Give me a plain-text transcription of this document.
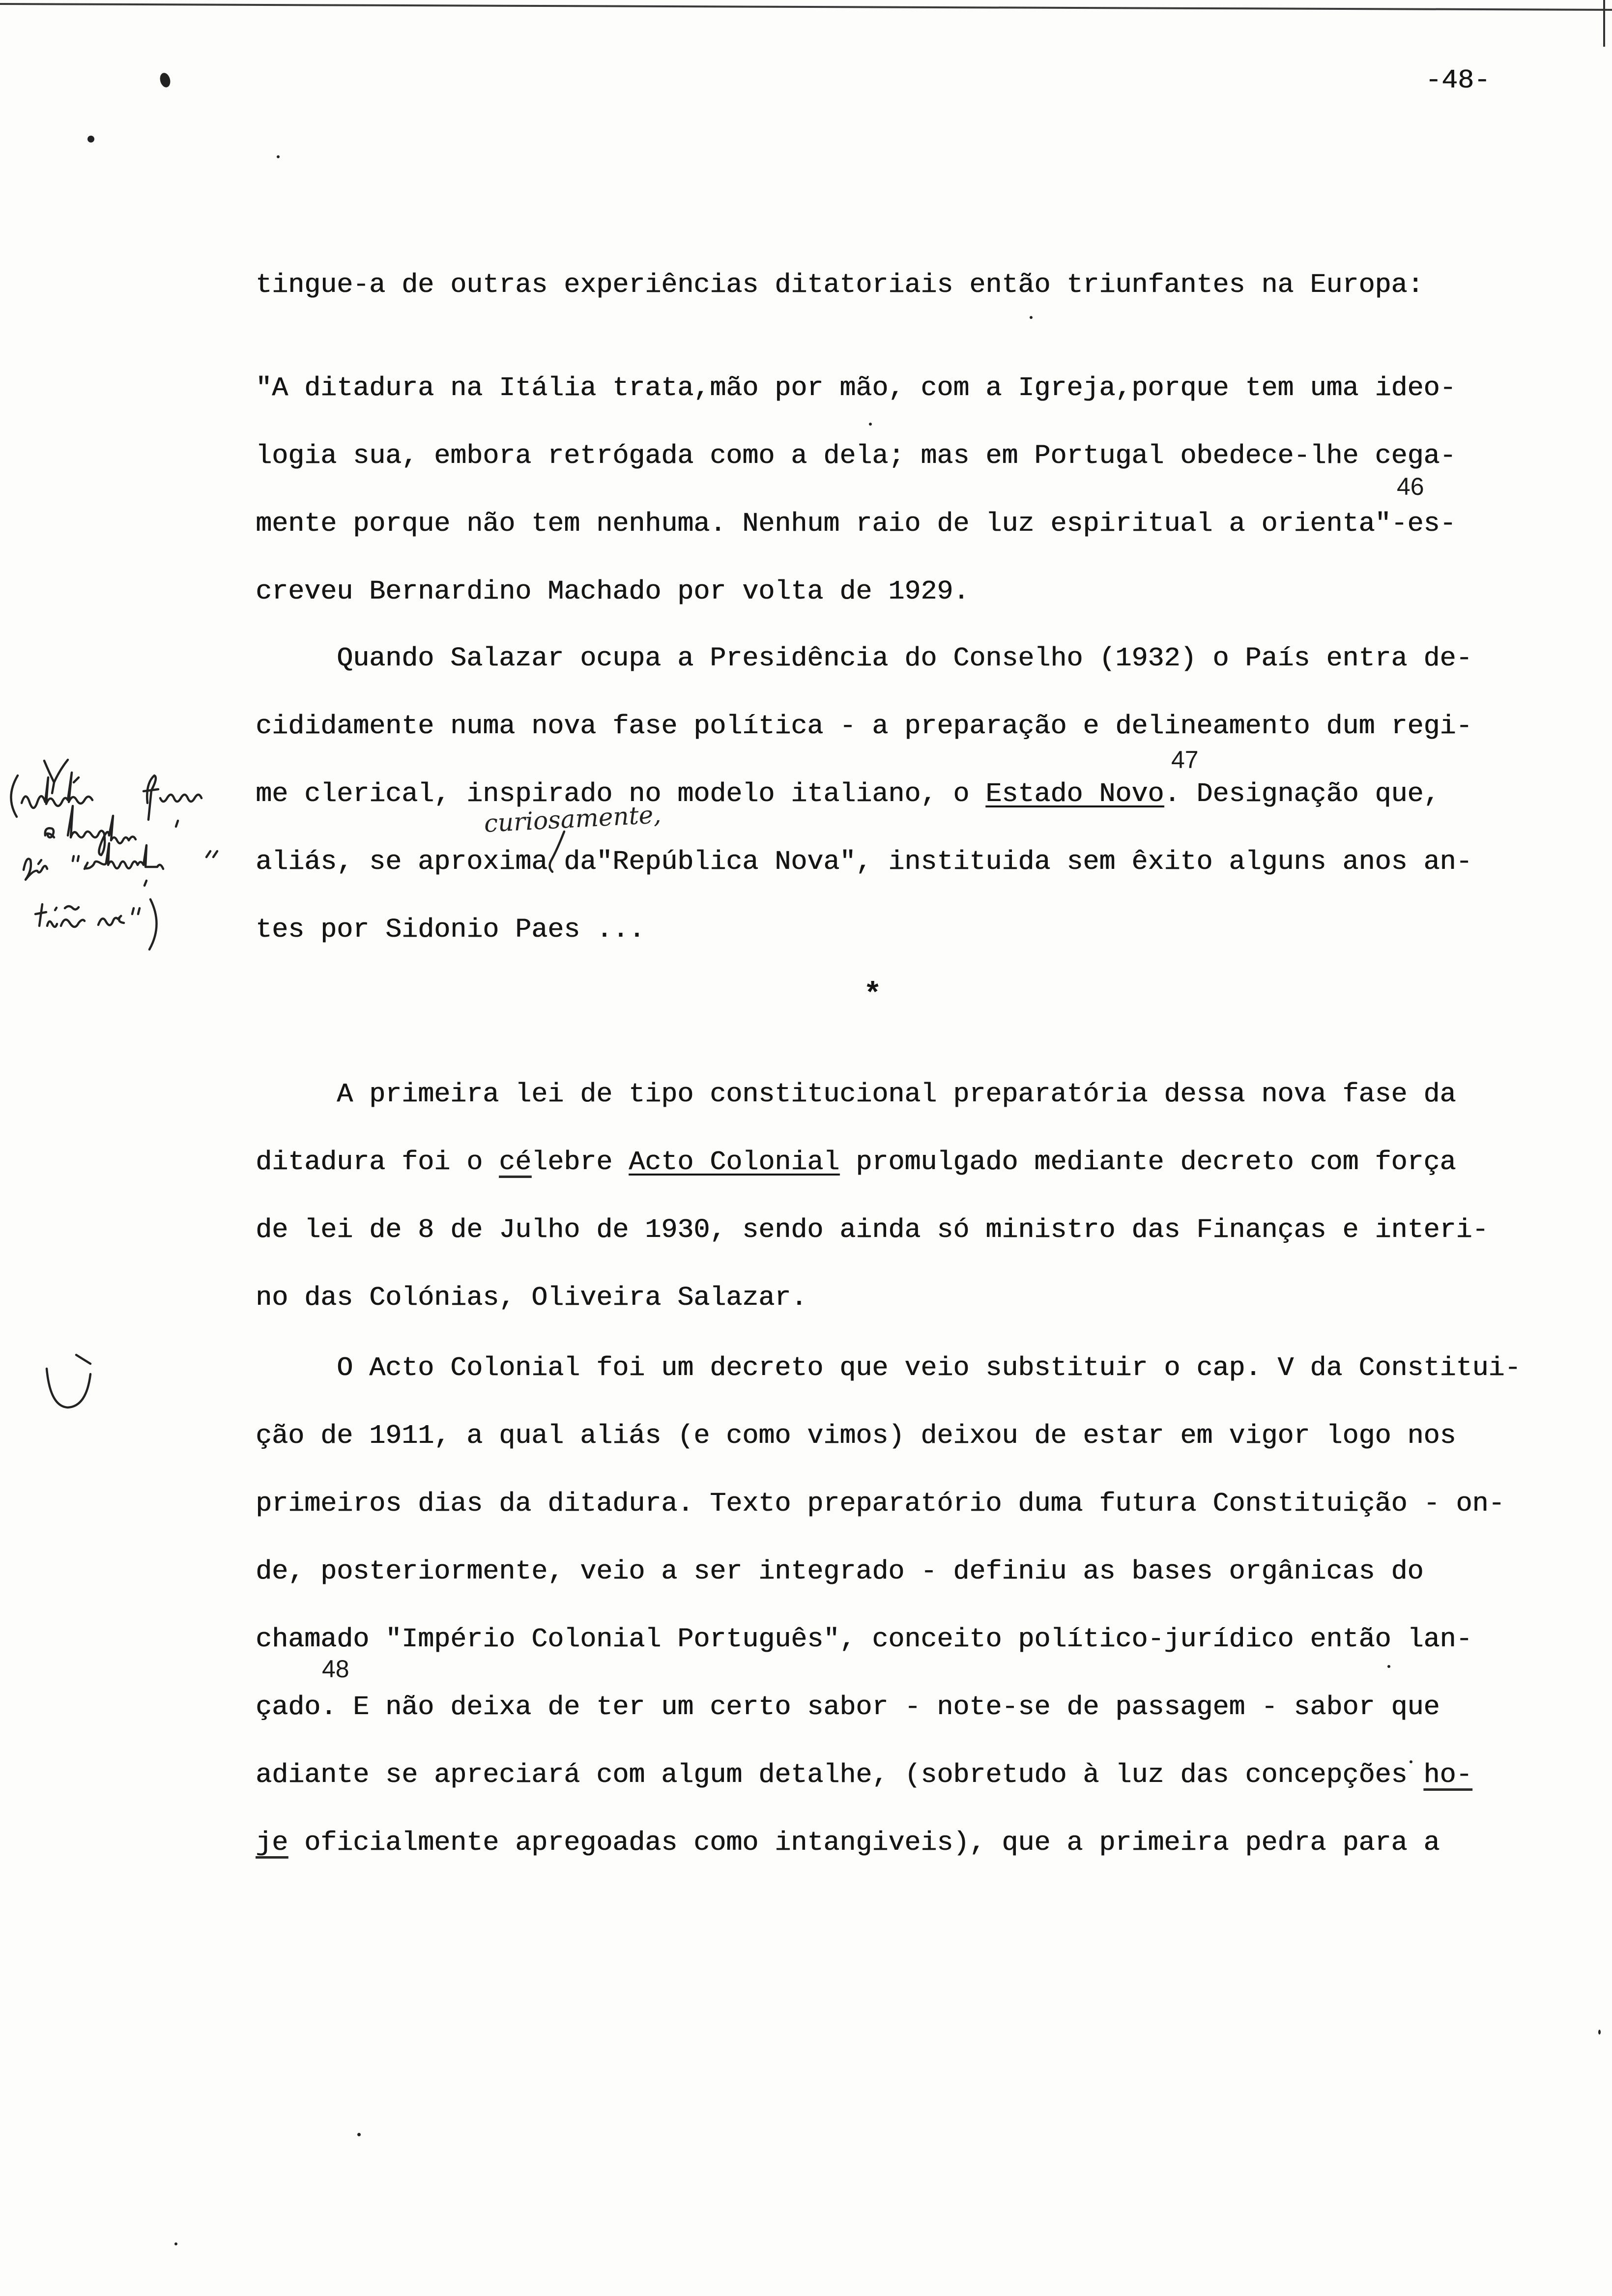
-48-
tingue-a de outras experiências ditatoriais então triunfantes na Europa:
"A ditadura na Itália trata,mão por mão, com a Igreja,porque tem uma ideo-
logia sua, embora retrógada como a dela; mas em Portugal obedece-lhe cega-
mente porque não tem nenhuma. Nenhum raio de luz espiritual a orienta"-es-
creveu Bernardino Machado por volta de 1929.
46
Quando Salazar ocupa a Presidência do Conselho (1932) o País entra de-
cididamente numa nova fase política - a preparação e delineamento dum regi-
me clerical, inspirado no modelo italiano, o Estado Novo. Designação que,
aliás, se aproxima da"República Nova", instituida sem êxito alguns anos an-
tes por Sidonio Paes ...
47
curiosamente,
*
A primeira lei de tipo constitucional preparatória dessa nova fase da
ditadura foi o célebre Acto Colonial promulgado mediante decreto com força
de lei de 8 de Julho de 1930, sendo ainda só ministro das Finanças e interi-
no das Colónias, Oliveira Salazar.
O Acto Colonial foi um decreto que veio substituir o cap. V da Constitui-
ção de 1911, a qual aliás (e como vimos) deixou de estar em vigor logo nos
primeiros dias da ditadura. Texto preparatório duma futura Constituição - on-
de, posteriormente, veio a ser integrado - definiu as bases orgânicas do
chamado "Império Colonial Português", conceito político-jurídico então lan-
çado. E não deixa de ter um certo sabor - note-se de passagem - sabor que
adiante se apreciará com algum detalhe, (sobretudo à luz das concepções ho-
je oficialmente apregoadas como intangiveis), que a primeira pedra para a
48
